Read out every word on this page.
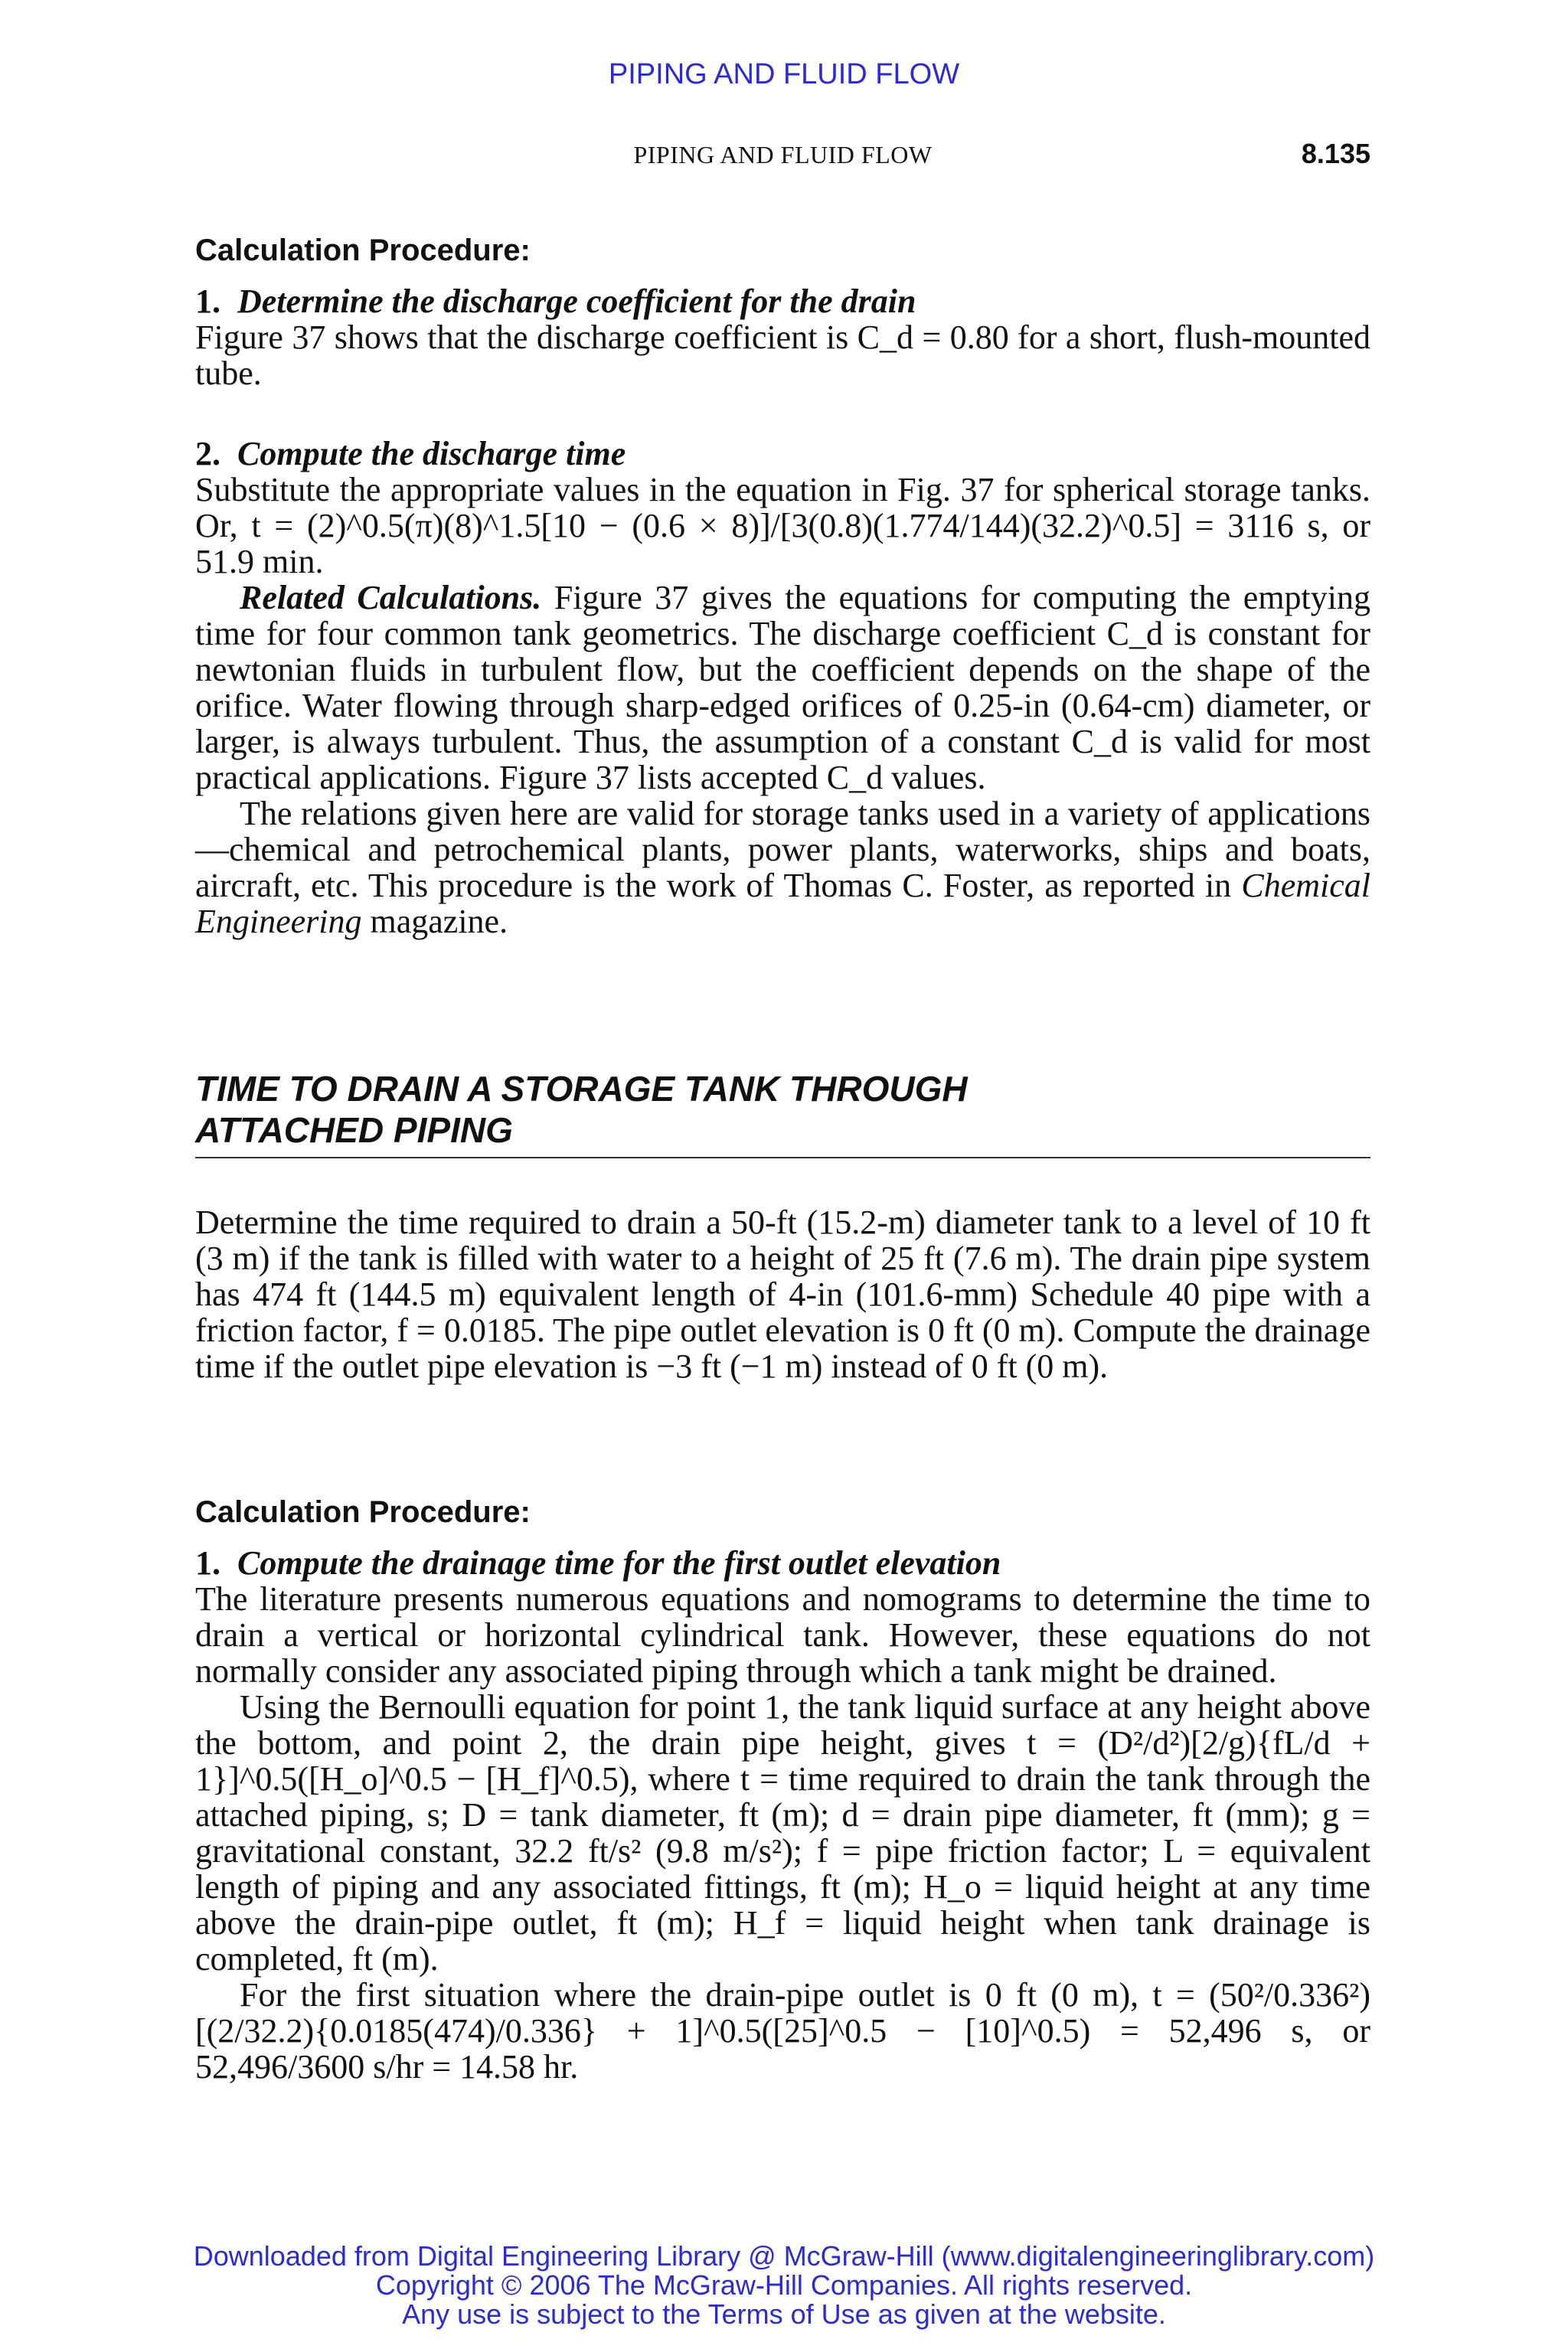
PIPING AND FLUID FLOW
PIPING AND FLUID FLOW	8.135
Calculation Procedure:
1. Determine the discharge coefficient for the drain

Figure 37 shows that the discharge coefficient is C_d = 0.80 for a short, flush-mounted tube.

2. Compute the discharge time

Substitute the appropriate values in the equation in Fig. 37 for spherical storage tanks. Or, t = (2)^0.5(π)(8)^1.5[10 − (0.6 × 8)]/[3(0.8)(1.774/144)(32.2)^0.5] = 3116 s, or 51.9 min.

Related Calculations. Figure 37 gives the equations for computing the emptying time for four common tank geometrics. The discharge coefficient C_d is constant for newtonian fluids in turbulent flow, but the coefficient depends on the shape of the orifice. Water flowing through sharp-edged orifices of 0.25-in (0.64-cm) diameter, or larger, is always turbulent. Thus, the assumption of a constant C_d is valid for most practical applications. Figure 37 lists accepted C_d values.

The relations given here are valid for storage tanks used in a variety of applications—chemical and petrochemical plants, power plants, waterworks, ships and boats, aircraft, etc. This procedure is the work of Thomas C. Foster, as reported in Chemical Engineering magazine.

TIME TO DRAIN A STORAGE TANK THROUGH
ATTACHED PIPING

Determine the time required to drain a 50-ft (15.2-m) diameter tank to a level of 10 ft (3 m) if the tank is filled with water to a height of 25 ft (7.6 m). The drain pipe system has 474 ft (144.5 m) equivalent length of 4-in (101.6-mm) Schedule 40 pipe with a friction factor, f = 0.0185. The pipe outlet elevation is 0 ft (0 m). Compute the drainage time if the outlet pipe elevation is −3 ft (−1 m) instead of 0 ft (0 m).

Calculation Procedure:
1. Compute the drainage time for the first outlet elevation

The literature presents numerous equations and nomograms to determine the time to drain a vertical or horizontal cylindrical tank. However, these equations do not normally consider any associated piping through which a tank might be drained.

Using the Bernoulli equation for point 1, the tank liquid surface at any height above the bottom, and point 2, the drain pipe height, gives t = (D²/d²)[2/g){fL/d + 1}]^0.5([H_o]^0.5 − [H_f]^0.5), where t = time required to drain the tank through the attached piping, s; D = tank diameter, ft (m); d = drain pipe diameter, ft (mm); g = gravitational constant, 32.2 ft/s² (9.8 m/s²); f = pipe friction factor; L = equivalent length of piping and any associated fittings, ft (m); H_o = liquid height at any time above the drain-pipe outlet, ft (m); H_f = liquid height when tank drainage is completed, ft (m).

For the first situation where the drain-pipe outlet is 0 ft (0 m), t = (50²/0.336²)[(2/32.2){0.0185(474)/0.336} + 1]^0.5([25]^0.5 − [10]^0.5) = 52,496 s, or 52,496/3600 s/hr = 14.58 hr.

Downloaded from Digital Engineering Library @ McGraw-Hill (www.digitalengineeringlibrary.com)
Copyright © 2006 The McGraw-Hill Companies. All rights reserved.
Any use is subject to the Terms of Use as given at the website.
